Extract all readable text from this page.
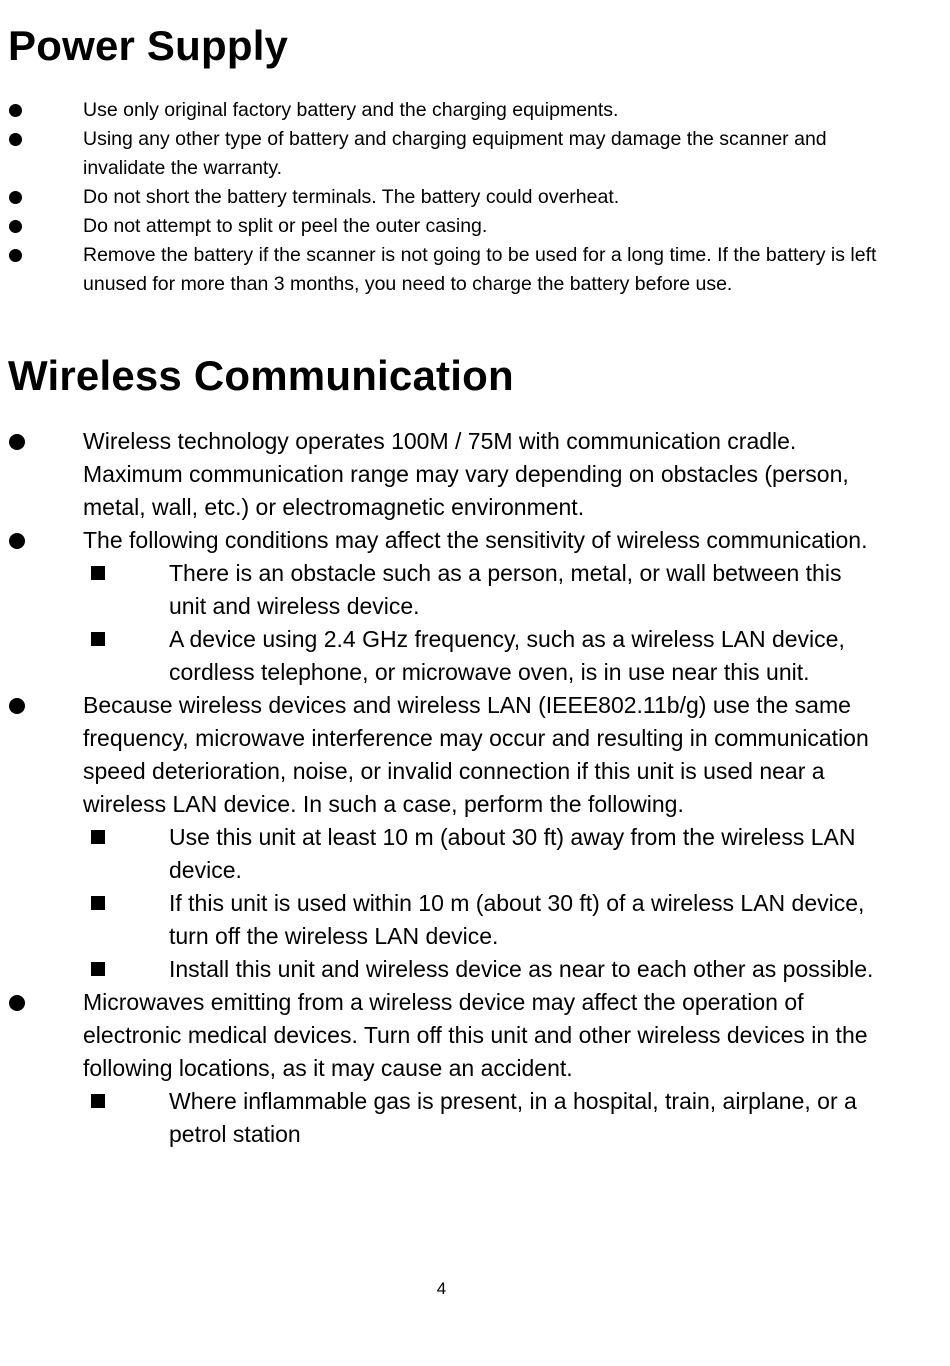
Power Supply
Use only original factory battery and the charging equipments.
Using any other type of battery and charging equipment may damage the scanner and invalidate the warranty.
Do not short the battery terminals. The battery could overheat.
Do not attempt to split or peel the outer casing.
Remove the battery if the scanner is not going to be used for a long time. If the battery is left unused for more than 3 months, you need to charge the battery before use.
Wireless Communication
Wireless technology operates 100M / 75M with communication cradle. Maximum communication range may vary depending on obstacles (person, metal, wall, etc.) or electromagnetic environment.
The following conditions may affect the sensitivity of wireless communication.
There is an obstacle such as a person, metal, or wall between this unit and wireless device.
A device using 2.4 GHz frequency, such as a wireless LAN device, cordless telephone, or microwave oven, is in use near this unit.
Because wireless devices and wireless LAN (IEEE802.11b/g) use the same frequency, microwave interference may occur and resulting in communication speed deterioration, noise, or invalid connection if this unit is used near a wireless LAN device. In such a case, perform the following.
Use this unit at least 10 m (about 30 ft) away from the wireless LAN device.
If this unit is used within 10 m (about 30 ft) of a wireless LAN device, turn off the wireless LAN device.
Install this unit and wireless device as near to each other as possible.
Microwaves emitting from a wireless device may affect the operation of electronic medical devices. Turn off this unit and other wireless devices in the following locations, as it may cause an accident.
Where inflammable gas is present, in a hospital, train, airplane, or a petrol station
4
